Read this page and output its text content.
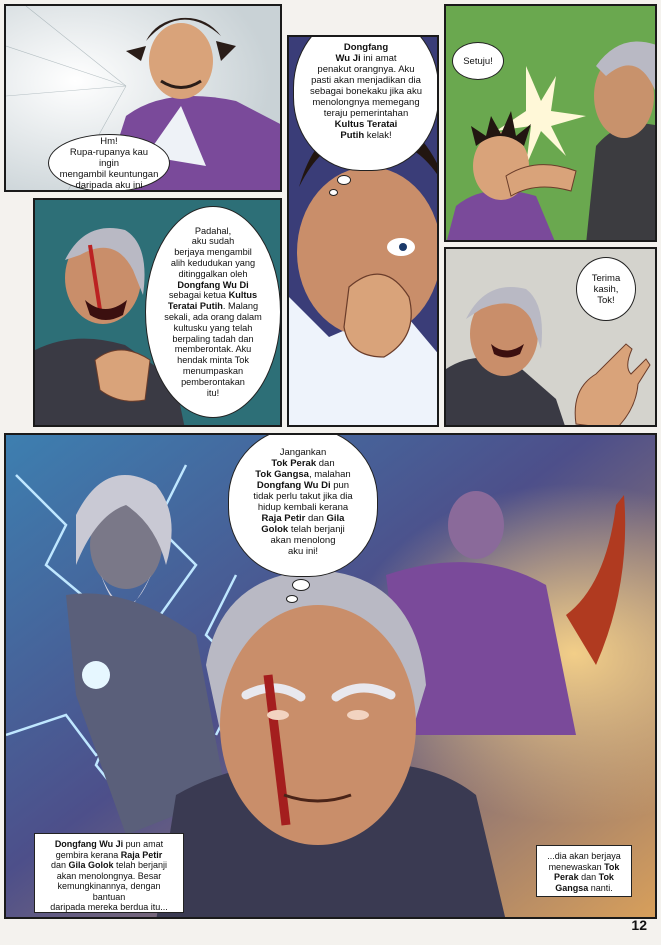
Hm!
Rupa-rupanya kau ingin
mengambil keuntungan
daripada aku ini
Dongfang
Wu Ji ini amat
penakut orangnya. Aku
pasti akan menjadikan dia
sebagai bonekaku jika aku
menolongnya memegang
teraju pemerintahan
Kultus Teratai
Putih kelak!
Setuju!
Padahal,
aku sudah
berjaya mengambil
alih kedudukan yang
ditinggalkan oleh
Dongfang Wu Di
sebagai ketua Kultus
Teratai Putih. Malang
sekali, ada orang dalam
kultusku yang telah
berpaling tadah dan
memberontak. Aku
hendak minta Tok
menumpaskan
pemberontakan
itu!
Terima
kasih,
Tok!
Jangankan
Tok Perak dan
Tok Gangsa, malahan
Dongfang Wu Di pun
tidak perlu takut jika dia
hidup kembali kerana
Raja Petir dan Gila
Golok telah berjanji
akan menolong
aku ini!
Dongfang Wu Ji pun amat
gembira kerana Raja Petir
dan Gila Golok telah berjanji
akan menolongnya. Besar
kemungkinannya, dengan bantuan
daripada mereka berdua itu...
...dia akan berjaya
menewaskan Tok
Perak dan Tok
Gangsa nanti.
12
